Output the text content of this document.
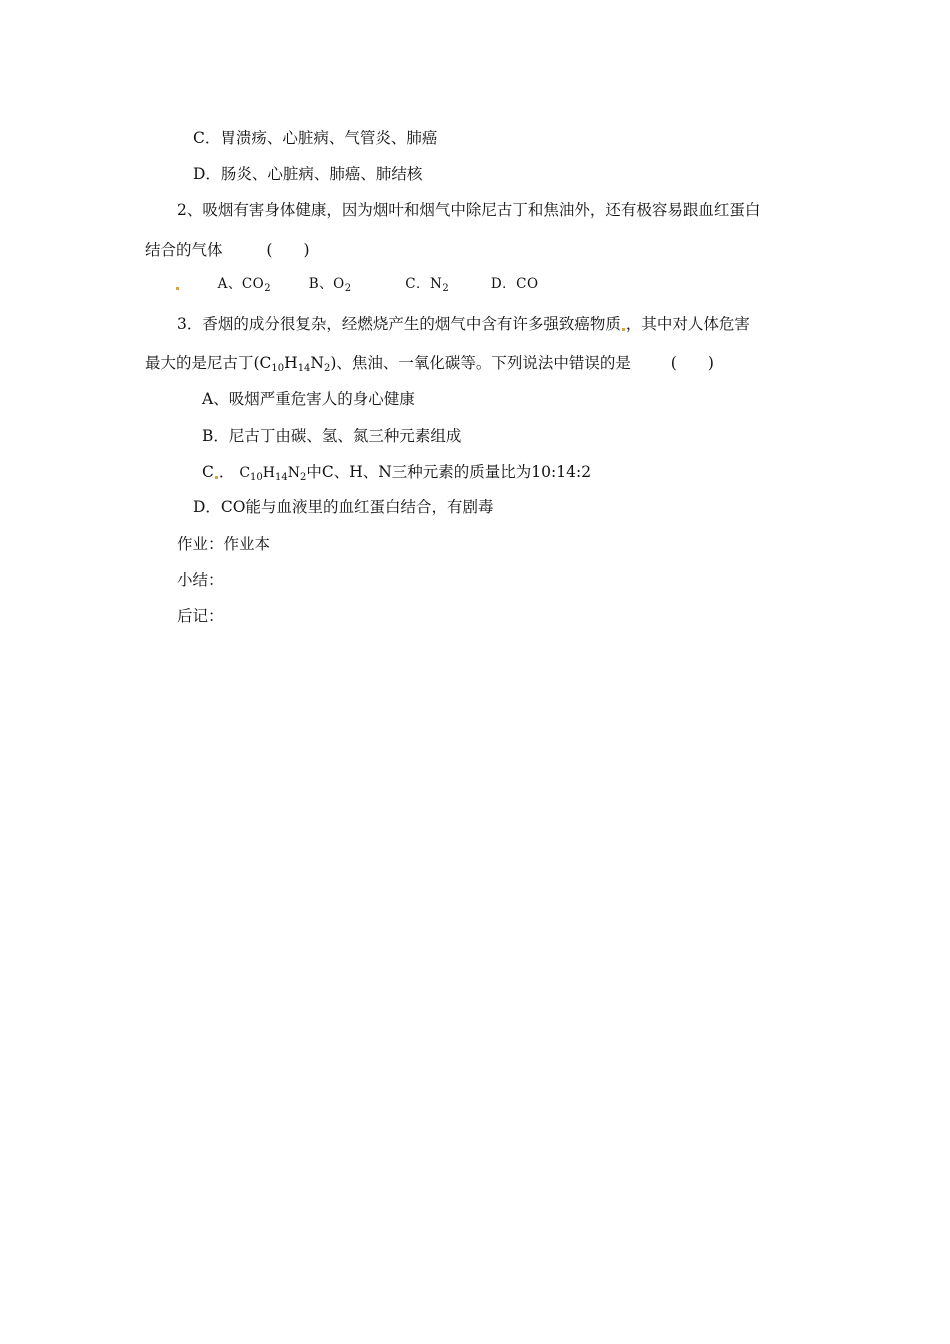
C．胃溃疡、心脏病、气管炎、肺癌
D．肠炎、心脏病、肺癌、肺结核
2、吸烟有害身体健康，因为烟叶和烟气中除尼古丁和焦油外，还有极容易跟血红蛋白
结合的气体	(　　)
A、$CO_2$	B、$O_2$	C．$N_2$	D．CO
3．香烟的成分很复杂，经燃烧产生的烟气中含有许多强致癌物质 ，其中对人体危害
最大的是尼古丁$(C_{10}H_{14}N_2)$、焦油、一氧化碳等。下列说法中错误的是	(　　)
A、吸烟严重危害人的身心健康
B．尼古丁由碳、氢、氮三种元素组成
C ． $C_{10}H_{14}N_2$中C、H、N三种元素的质量比为10:14:2
D．CO能与血液里的血红蛋白结合，有剧毒
作业：作业本
小结：
后记：
